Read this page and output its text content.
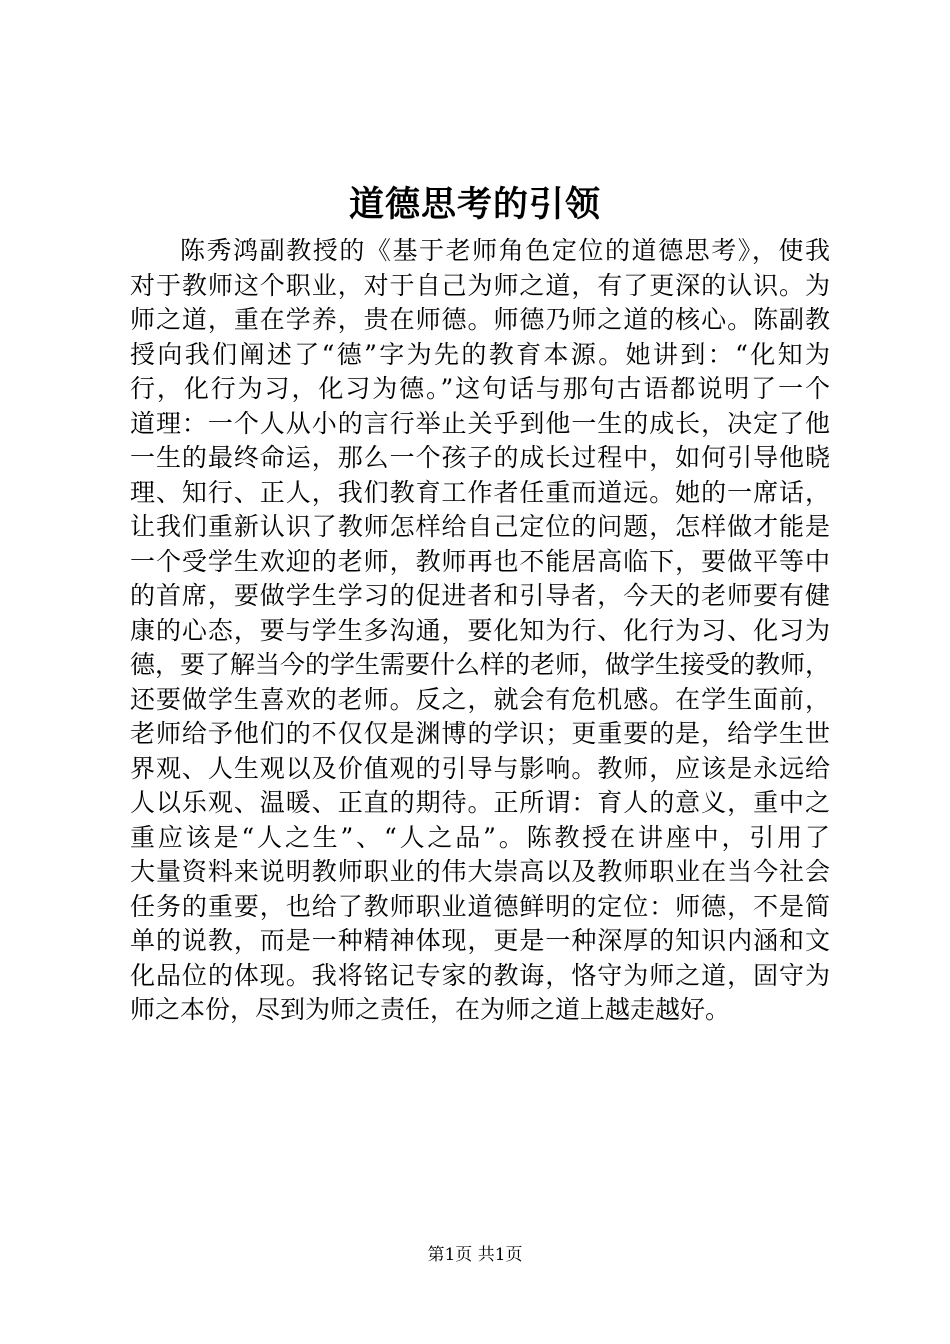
道德思考的引领
陈秀鸿副教授的《基于老师角色定位的道德思考》，使我
对于教师这个职业，对于自己为师之道，有了更深的认识。为
师之道，重在学养，贵在师德。师德乃师之道的核心。陈副教
授向我们阐述了“德”字为先的教育本源。她讲到：“化知为
行，化行为习，化习为德。”这句话与那句古语都说明了一个
道理：一个人从小的言行举止关乎到他一生的成长，决定了他
一生的最终命运，那么一个孩子的成长过程中，如何引导他晓
理、知行、正人，我们教育工作者任重而道远。她的一席话，
让我们重新认识了教师怎样给自己定位的问题，怎样做才能是
一个受学生欢迎的老师，教师再也不能居高临下，要做平等中
的首席，要做学生学习的促进者和引导者，今天的老师要有健
康的心态，要与学生多沟通，要化知为行、化行为习、化习为
德，要了解当今的学生需要什么样的老师，做学生接受的教师，
还要做学生喜欢的老师。反之，就会有危机感。在学生面前，
老师给予他们的不仅仅是渊博的学识；更重要的是，给学生世
界观、人生观以及价值观的引导与影响。教师，应该是永远给
人以乐观、温暖、正直的期待。正所谓：育人的意义，重中之
重应该是“人之生”、“人之品”。陈教授在讲座中，引用了
大量资料来说明教师职业的伟大崇高以及教师职业在当今社会
任务的重要，也给了教师职业道德鲜明的定位：师德，不是简
单的说教，而是一种精神体现，更是一种深厚的知识内涵和文
化品位的体现。我将铭记专家的教诲，恪守为师之道，固守为
师之本份，尽到为师之责任，在为师之道上越走越好。
第1页 共1页
